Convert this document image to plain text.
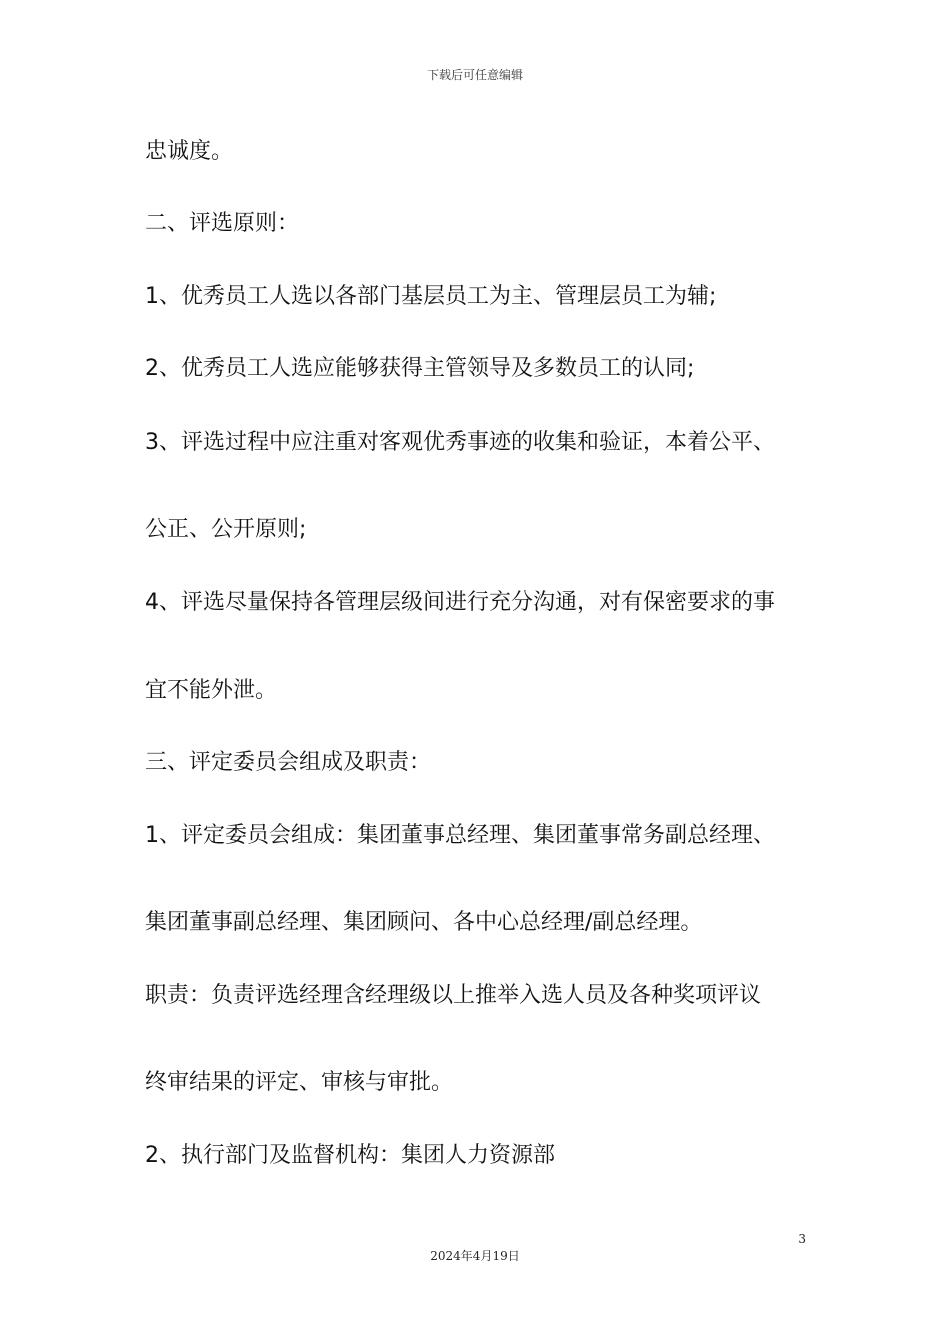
下载后可任意编辑
忠诚度。
二、评选原则：
1、优秀员工人选以各部门基层员工为主、管理层员工为辅;
2、优秀员工人选应能够获得主管领导及多数员工的认同;
3、评选过程中应注重对客观优秀事迹的收集和验证，本着公平、
公正、公开原则;
4、评选尽量保持各管理层级间进行充分沟通，对有保密要求的事
宜不能外泄。
三、评定委员会组成及职责：
1、评定委员会组成：集团董事总经理、集团董事常务副总经理、
集团董事副总经理、集团顾问、各中心总经理/副总经理。
职责：负责评选经理含经理级以上推举入选人员及各种奖项评议
终审结果的评定、审核与审批。
2、执行部门及监督机构：集团人力资源部
3
2024年4月19日
